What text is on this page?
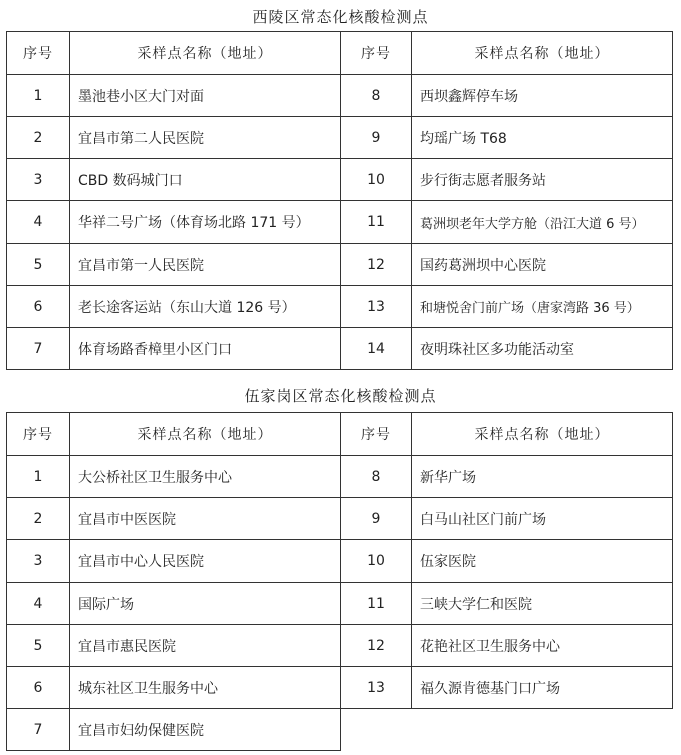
西陵区常态化核酸检测点
序号	采样点名称（地址）	序号	采样点名称（地址）
1	墨池巷小区大门对面	8	西坝鑫辉停车场
2	宜昌市第二人民医院	9	均瑶广场 T68
3	CBD 数码城门口	10	步行街志愿者服务站
4	华祥二号广场（体育场北路 171 号）	11	葛洲坝老年大学方舱（沿江大道 6 号）
5	宜昌市第一人民医院	12	国药葛洲坝中心医院
6	老长途客运站（东山大道 126 号）	13	和塘悦舍门前广场（唐家湾路 36 号）
7	体育场路香樟里小区门口	14	夜明珠社区多功能活动室
伍家岗区常态化核酸检测点
序号	采样点名称（地址）	序号	采样点名称（地址）
1	大公桥社区卫生服务中心	8	新华广场
2	宜昌市中医医院	9	白马山社区门前广场
3	宜昌市中心人民医院	10	伍家医院
4	国际广场	11	三峡大学仁和医院
5	宜昌市惠民医院	12	花艳社区卫生服务中心
6	城东社区卫生服务中心	13	福久源肯德基门口广场
7	宜昌市妇幼保健医院		
